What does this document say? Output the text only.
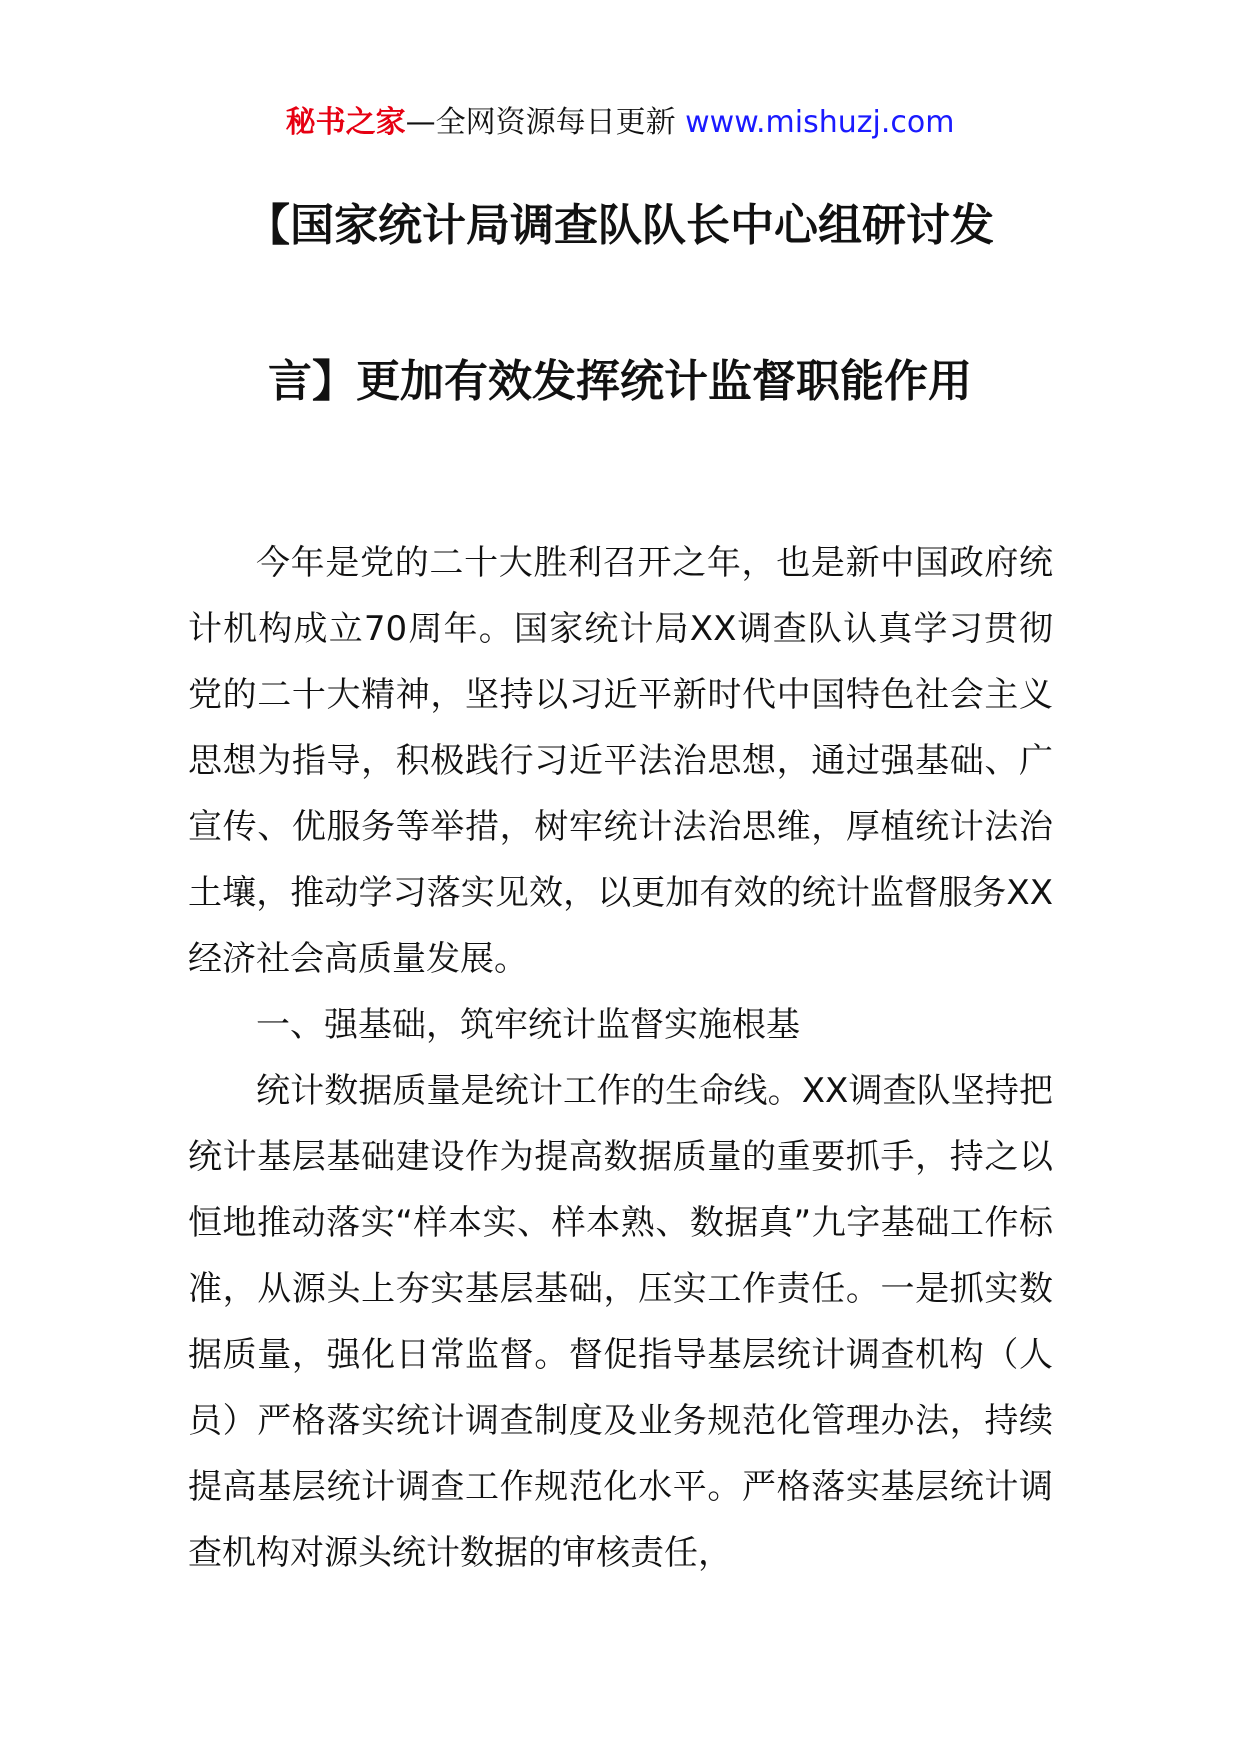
秘书之家—全网资源每日更新 www.mishuzj.com
【国家统计局调查队队长中心组研讨发
言】更加有效发挥统计监督职能作用

今年是党的二十大胜利召开之年，也是新中国政府统计机构成立70周年。国家统计局XX调查队认真学习贯彻党的二十大精神，坚持以习近平新时代中国特色社会主义思想为指导，积极践行习近平法治思想，通过强基础、广宣传、优服务等举措，树牢统计法治思维，厚植统计法治土壤，推动学习落实见效，以更加有效的统计监督服务XX经济社会高质量发展。

一、强基础，筑牢统计监督实施根基

统计数据质量是统计工作的生命线。XX调查队坚持把统计基层基础建设作为提高数据质量的重要抓手，持之以恒地推动落实“样本实、样本熟、数据真”九字基础工作标准，从源头上夯实基层基础，压实工作责任。一是抓实数据质量，强化日常监督。督促指导基层统计调查机构（人员）严格落实统计调查制度及业务规范化管理办法，持续提高基层统计调查工作规范化水平。严格落实基层统计调查机构对源头统计数据的审核责任，
